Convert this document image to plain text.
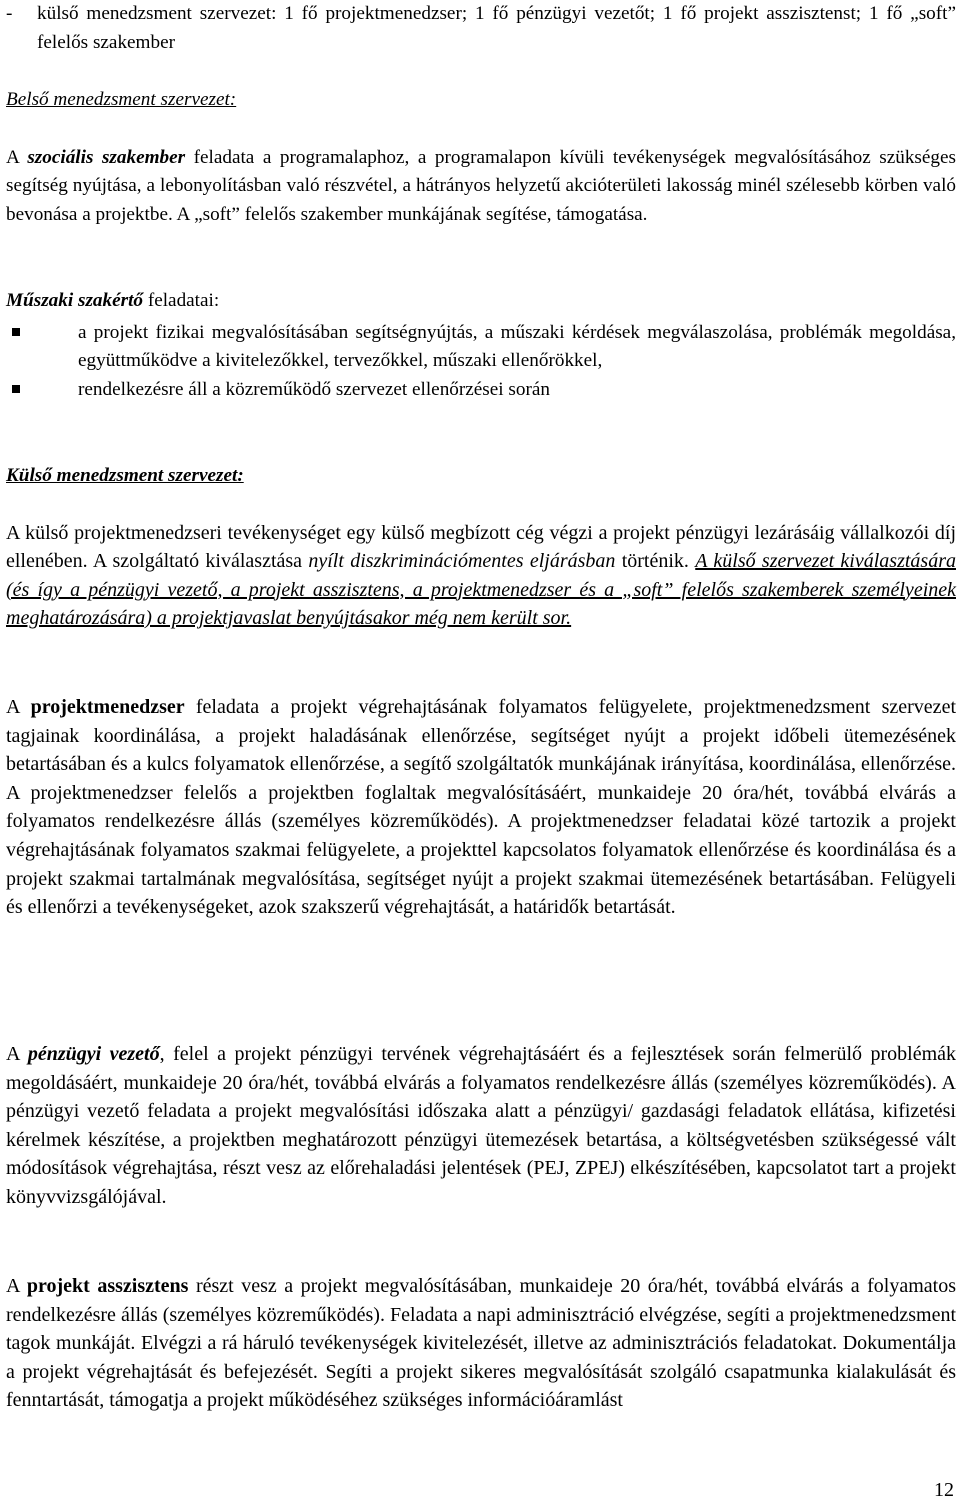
- külső menedzsment szervezet: 1 fő projektmenedzser; 1 fő pénzügyi vezetőt; 1 fő projekt asszisztenst; 1 fő „soft” felelős szakember

Belső menedzsment szervezet:

A szociális szakember feladata a programalaphoz, a programalapon kívüli tevékenységek megvalósításához szükséges segítség nyújtása, a lebonyolításban való részvétel, a hátrányos helyzetű akcióterületi lakosság minél szélesebb körben való bevonása a projektbe. A „soft” felelős szakember munkájának segítése, támogatása.

Műszaki szakértő feladatai:

a projekt fizikai megvalósításában segítségnyújtás, a műszaki kérdések megválaszolása, problémák megoldása, együttműködve a kivitelezőkkel, tervezőkkel, műszaki ellenőrökkel,
rendelkezésre áll a közreműködő szervezet ellenőrzései során

Külső menedzsment szervezet:

A külső projektmenedzseri tevékenységet egy külső megbízott cég végzi a projekt pénzügyi lezárásáig vállalkozói díj ellenében. A szolgáltató kiválasztása nyílt diszkriminációmentes eljárásban történik. A külső szervezet kiválasztására (és így a pénzügyi vezető, a projekt asszisztens, a projektmenedzser és a „soft” felelős szakemberek személyeinek meghatározására) a projektjavaslat benyújtásakor még nem került sor.

A projektmenedzser feladata a projekt végrehajtásának folyamatos felügyelete, projektmenedzsment szervezet tagjainak koordinálása, a projekt haladásának ellenőrzése, segítséget nyújt a projekt időbeli ütemezésének betartásában és a kulcs folyamatok ellenőrzése, a segítő szolgáltatók munkájának irányítása, koordinálása, ellenőrzése. A projektmenedzser felelős a projektben foglaltak megvalósításáért, munkaideje 20 óra/hét, továbbá elvárás a folyamatos rendelkezésre állás (személyes közreműködés). A projektmenedzser feladatai közé tartozik a projekt végrehajtásának folyamatos szakmai felügyelete, a projekttel kapcsolatos folyamatok ellenőrzése és koordinálása és a projekt szakmai tartalmának megvalósítása, segítséget nyújt a projekt szakmai ütemezésének betartásában. Felügyeli és ellenőrzi a tevékenységeket, azok szakszerű végrehajtását, a határidők betartását.

A pénzügyi vezető, felel a projekt pénzügyi tervének végrehajtásáért és a fejlesztések során felmerülő problémák megoldásáért, munkaideje 20 óra/hét, továbbá elvárás a folyamatos rendelkezésre állás (személyes közreműködés). A pénzügyi vezető feladata a projekt megvalósítási időszaka alatt a pénzügyi/ gazdasági feladatok ellátása, kifizetési kérelmek készítése, a projektben meghatározott pénzügyi ütemezések betartása, a költségvetésben szükségessé vált módosítások végrehajtása, részt vesz az előrehaladási jelentések (PEJ, ZPEJ) elkészítésében, kapcsolatot tart a projekt könyvvizsgálójával.

A projekt asszisztens részt vesz a projekt megvalósításában, munkaideje 20 óra/hét, továbbá elvárás a folyamatos rendelkezésre állás (személyes közreműködés). Feladata a napi adminisztráció elvégzése, segíti a projektmenedzsment tagok munkáját. Elvégzi a rá háruló tevékenységek kivitelezését, illetve az adminisztrációs feladatokat. Dokumentálja a projekt végrehajtását és befejezését. Segíti a projekt sikeres megvalósítását szolgáló csapatmunka kialakulását és fenntartását, támogatja a projekt működéséhez szükséges információáramlást

12
